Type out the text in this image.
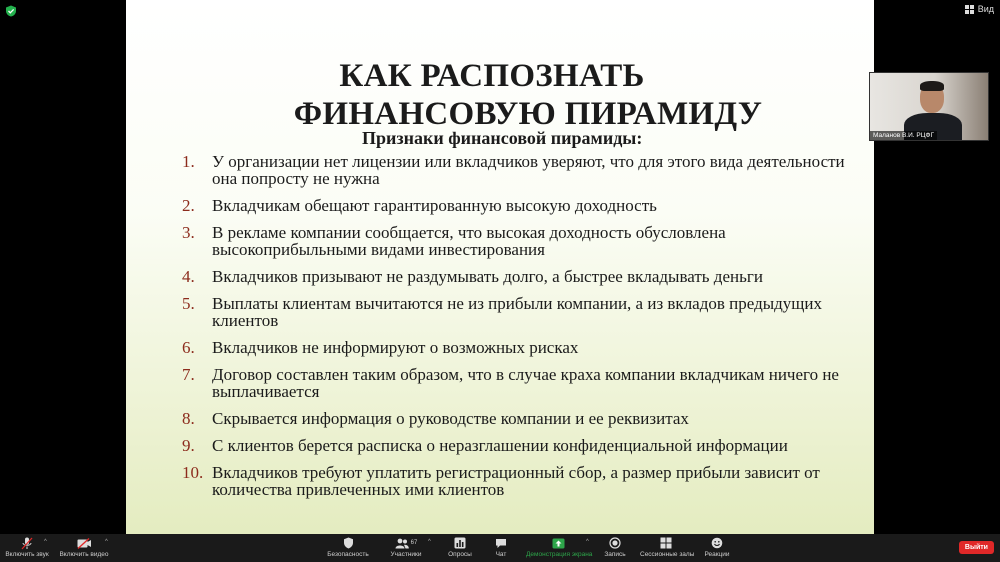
Вид
КАК РАСПОЗНАТЬ
ФИНАНСОВУЮ ПИРАМИДУ
Признаки финансовой пирамиды:
1.	У организации нет лицензии или вкладчиков уверяют, что для этого вида деятельности она попросту не нужна
2.	Вкладчикам обещают гарантированную высокую доходность
3.	В рекламе компании сообщается, что высокая доходность обусловлена высокоприбыльными видами инвестирования
4.	Вкладчиков призывают не раздумывать долго, а быстрее вкладывать деньги
5.	Выплаты клиентам вычитаются не из прибыли компании, а из вкладов предыдущих клиентов
6.	Вкладчиков не информируют о возможных рисках
7.	Договор составлен таким образом, что в случае краха компании вкладчикам ничего не выплачивается
8.	Скрывается информация о руководстве компании и ее реквизитах
9.	С клиентов берется расписка о неразглашении конфиденциальной информации
10. Вкладчиков требуют уплатить регистрационный сбор, а размер прибыли зависит от количества привлеченных ими клиентов
Маланов В.И. РЦФГ
Включить звук
^
Включить видео
^
Безопасность
67
Участники
^
Опросы	Чат	Демонстрация экрана
^
Запись	Сессионные залы Реакции
Выйти
